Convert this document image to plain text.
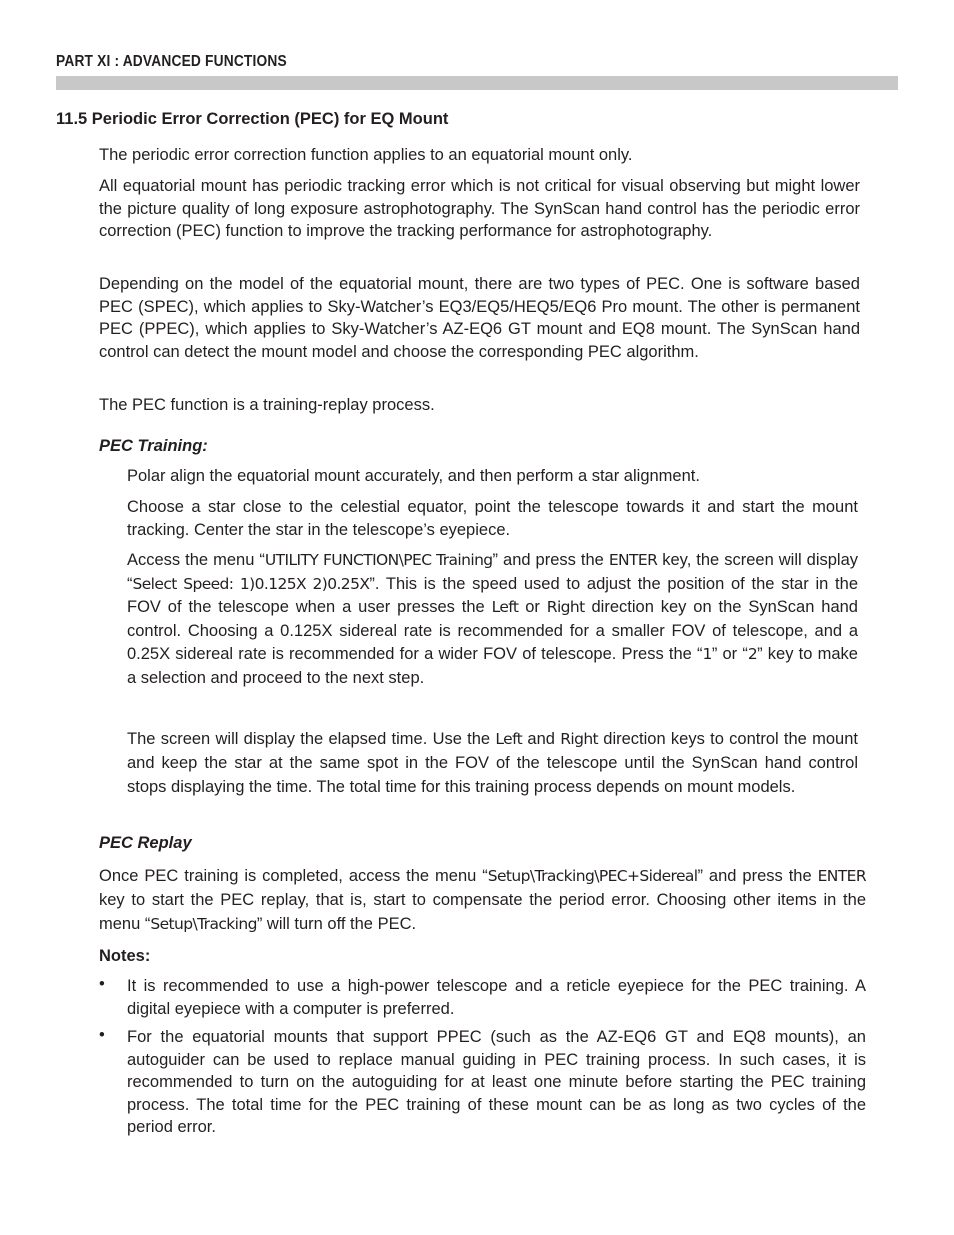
PART XI : ADVANCED FUNCTIONS
11.5 Periodic Error Correction (PEC) for EQ Mount

The periodic error correction function applies to an equatorial mount only.

All equatorial mount has periodic tracking error which is not critical for visual observing but might lower the picture quality of long exposure astrophotography. The SynScan hand control has the periodic error correction (PEC) function to improve the tracking performance for astrophotography.

Depending on the model of the equatorial mount, there are two types of PEC. One is software based PEC (SPEC), which applies to Sky-Watcher’s EQ3/EQ5/HEQ5/EQ6 Pro mount. The other is permanent PEC (PPEC), which applies to Sky-Watcher’s AZ-EQ6 GT mount and EQ8 mount. The SynScan hand control can detect the mount model and choose the corresponding PEC algorithm.

The PEC function is a training-replay process.

PEC Training:

Polar align the equatorial mount accurately, and then perform a star alignment.

Choose a star close to the celestial equator, point the telescope towards it and start the mount tracking. Center the star in the telescope’s eyepiece.

Access the menu “UTILITY FUNCTION\PEC Training” and press the ENTER key, the screen will display “Select Speed: 1)0.125X 2)0.25X”. This is the speed used to adjust the position of the star in the FOV of the telescope when a user presses the Left or Right direction key on the SynScan hand control. Choosing a 0.125X sidereal rate is recommended for a smaller FOV of telescope, and a 0.25X sidereal rate is recommended for a wider FOV of telescope. Press the “1” or “2” key to make a selection and proceed to the next step.

The screen will display the elapsed time. Use the Left and Right direction keys to control the mount and keep the star at the same spot in the FOV of the telescope until the SynScan hand control stops displaying the time. The total time for this training process depends on mount models.

PEC Replay

Once PEC training is completed, access the menu “Setup\Tracking\PEC+Sidereal” and press the ENTER key to start the PEC replay, that is, start to compensate the period error. Choosing other items in the menu “Setup\Tracking” will turn off the PEC.

Notes:
• It is recommended to use a high-power telescope and a reticle eyepiece for the PEC training. A digital eyepiece with a computer is preferred.

• For the equatorial mounts that support PPEC (such as the AZ-EQ6 GT and EQ8 mounts), an autoguider can be used to replace manual guiding in PEC training process. In such cases, it is recommended to turn on the autoguiding for at least one minute before starting the PEC training process. The total time for the PEC training of these mount can be as long as two cycles of the period error.
